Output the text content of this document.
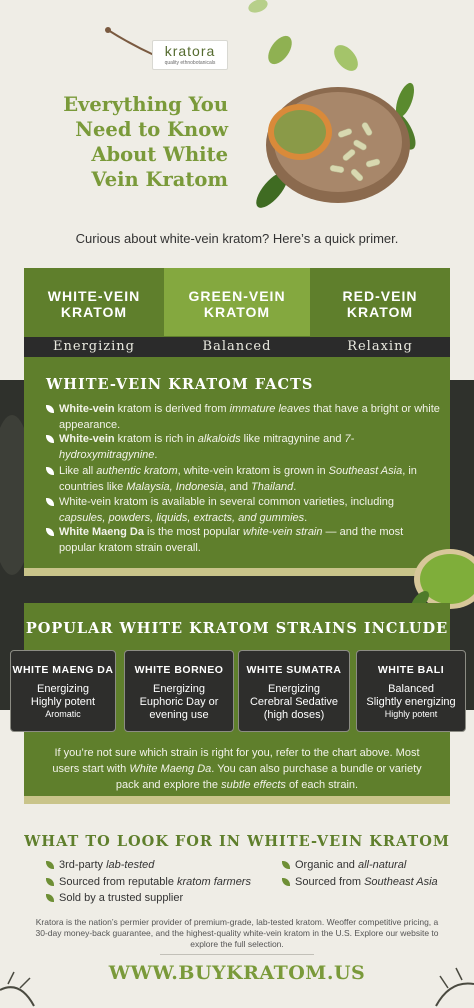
kratora
quality ethnobotanicals
Everything You
Need to Know
About White
Vein Kratom
Curious about white-vein kratom? Here’s a quick primer.
WHITE-VEIN
KRATOM
GREEN-VEIN
KRATOM
RED-VEIN
KRATOM
Energizing	Balanced	Relaxing
WHITE-VEIN KRATOM FACTS
White-vein kratom is derived from immature leaves that have a bright or white appearance.
White-vein kratom is rich in alkaloids like mitragynine and 7-hydroxymitragynine.
Like all authentic kratom, white-vein kratom is grown in Southeast Asia, in countries like Malaysia, Indonesia, and Thailand.
White-vein kratom is available in several common varieties, including capsules, powders, liquids, extracts, and gummies.
White Maeng Da is the most popular white-vein strain — and the most popular kratom strain overall.
POPULAR WHITE KRATOM STRAINS INCLUDE
WHITE MAENG DA
Energizing
Highly potent
Aromatic
WHITE BORNEO
Energizing
Euphoric Day or
evening use
WHITE SUMATRA
Energizing
Cerebral Sedative
(high doses)
WHITE BALI
Balanced
Slightly energizing
Highly potent
If you’re not sure which strain is right for you, refer to the chart above. Most users start with White Maeng Da. You can also purchase a bundle or variety pack and explore the subtle effects of each strain.
WHAT TO LOOK FOR IN WHITE-VEIN KRATOM
3rd-party lab-tested
Sourced from reputable kratom farmers
Sold by a trusted supplier
Organic and all-natural
Sourced from Southeast Asia
Kratora is the nation’s permier provider of premium-grade, lab-tested kratom. Weoffer competitive pricing, a 30-day money-back guarantee, and the highest-quality white-vein kratom in the U.S. Explore our website to explore the full selection.
WWW.BUYKRATOM.US
